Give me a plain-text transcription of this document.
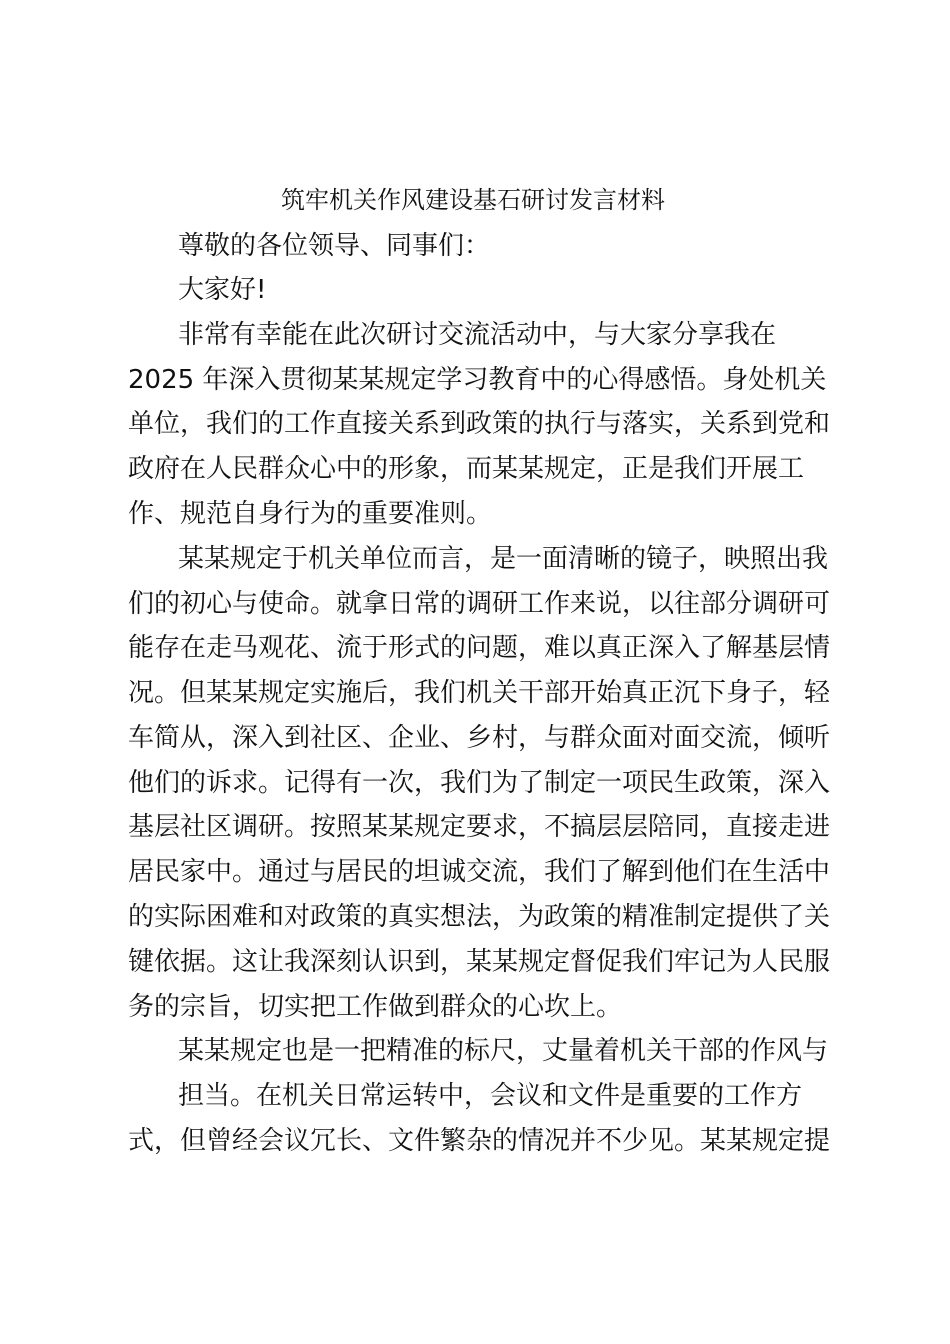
筑牢机关作风建设基石研讨发言材料
尊敬的各位领导、同事们：
大家好!
非常有幸能在此次研讨交流活动中，与大家分享我在
2025 年深入贯彻某某规定学习教育中的心得感悟。身处机关
单位，我们的工作直接关系到政策的执行与落实，关系到党和
政府在人民群众心中的形象，而某某规定，正是我们开展工
作、规范自身行为的重要准则。
某某规定于机关单位而言，是一面清晰的镜子，映照出我
们的初心与使命。就拿日常的调研工作来说，以往部分调研可
能存在走马观花、流于形式的问题，难以真正深入了解基层情
况。但某某规定实施后，我们机关干部开始真正沉下身子，轻
车简从，深入到社区、企业、乡村，与群众面对面交流，倾听
他们的诉求。记得有一次，我们为了制定一项民生政策，深入
基层社区调研。按照某某规定要求，不搞层层陪同，直接走进
居民家中。通过与居民的坦诚交流，我们了解到他们在生活中
的实际困难和对政策的真实想法，为政策的精准制定提供了关
键依据。这让我深刻认识到，某某规定督促我们牢记为人民服
务的宗旨，切实把工作做到群众的心坎上。
某某规定也是一把精准的标尺，丈量着机关干部的作风与
担当。在机关日常运转中，会议和文件是重要的工作方
式，但曾经会议冗长、文件繁杂的情况并不少见。某某规定提
